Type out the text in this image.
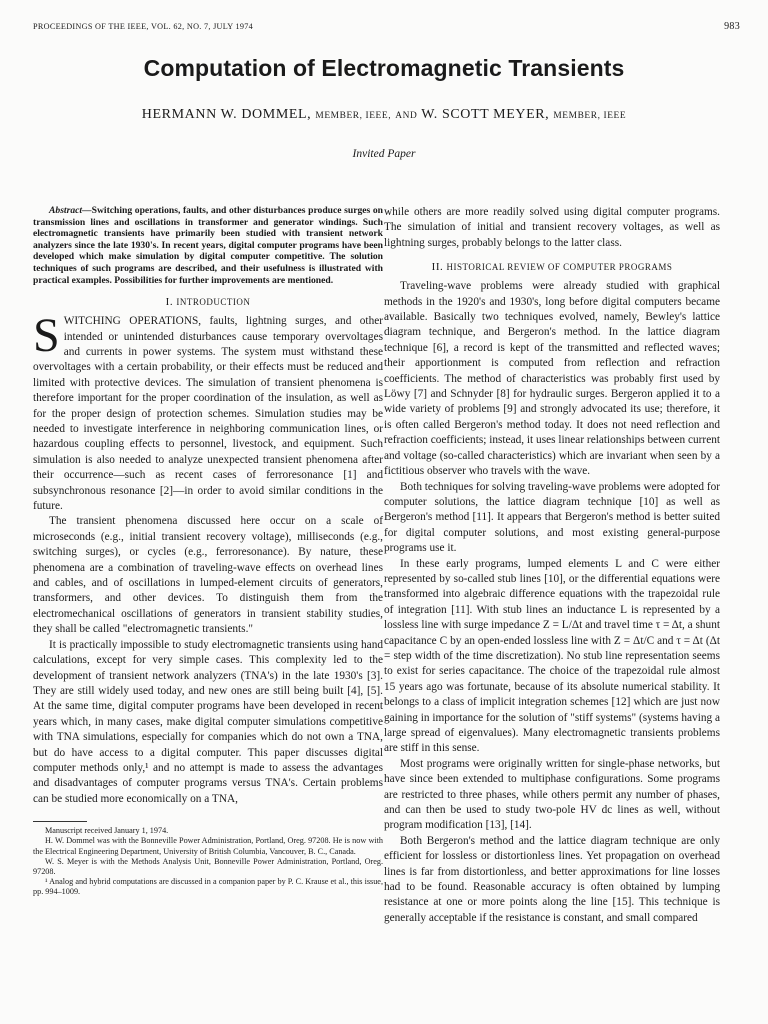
PROCEEDINGS OF THE IEEE, VOL. 62, NO. 7, JULY 1974	983
Computation of Electromagnetic Transients
HERMANN W. DOMMEL, MEMBER, IEEE, AND W. SCOTT MEYER, MEMBER, IEEE
Invited Paper

Abstract—Switching operations, faults, and other disturbances produce surges on transmission lines and oscillations in transformer and generator windings. Such electromagnetic transients have primarily been studied with transient network analyzers since the late 1930's. In recent years, digital computer programs have been developed which make simulation by digital computer competitive. The solution techniques of such programs are described, and their usefulness is illustrated with practical examples. Possibilities for further improvements are mentioned.

I. INTRODUCTION

SWITCHING OPERATIONS, faults, lightning surges, and other intended or unintended disturbances cause temporary overvoltages and currents in power systems. The system must withstand these overvoltages with a certain probability, or their effects must be reduced and limited with protective devices. The simulation of transient phenomena is therefore important for the proper coordination of the insulation, as well as for the proper design of protection schemes. Simulation studies may be needed to investigate interference in neighboring communication lines, or hazardous coupling effects to personnel, livestock, and equipment. Such simulation is also needed to analyze unexpected transient phenomena after their occurrence—such as recent cases of ferroresonance [1] and subsynchronous resonance [2]—in order to avoid similar conditions in the future.

The transient phenomena discussed here occur on a scale of microseconds (e.g., initial transient recovery voltage), milliseconds (e.g., switching surges), or cycles (e.g., ferroresonance). By nature, these phenomena are a combination of traveling-wave effects on overhead lines and cables, and of oscillations in lumped-element circuits of generators, transformers, and other devices. To distinguish them from the electromechanical oscillations of generators in transient stability studies, they shall be called "electromagnetic transients."

It is practically impossible to study electromagnetic transients using hand calculations, except for very simple cases. This complexity led to the development of transient network analyzers (TNA's) in the late 1930's [3]. They are still widely used today, and new ones are still being built [4], [5]. At the same time, digital computer programs have been developed in recent years which, in many cases, make digital computer simulations competitive with TNA simulations, especially for companies which do not own a TNA, but do have access to a digital computer. This paper discusses digital computer methods only,¹ and no attempt is made to assess the advantages and disadvantages of computer programs versus TNA's. Certain problems can be studied more economically on a TNA,

Manuscript received January 1, 1974.

H. W. Dommel was with the Bonneville Power Administration, Portland, Oreg. 97208. He is now with the Electrical Engineering Department, University of British Columbia, Vancouver, B. C., Canada.

W. S. Meyer is with the Methods Analysis Unit, Bonneville Power Administration, Portland, Oreg. 97208.

¹ Analog and hybrid computations are discussed in a companion paper by P. C. Krause et al., this issue, pp. 994–1009.

while others are more readily solved using digital computer programs. The simulation of initial and transient recovery voltages, as well as lightning surges, probably belongs to the latter class.

II. HISTORICAL REVIEW OF COMPUTER PROGRAMS

Traveling-wave problems were already studied with graphical methods in the 1920's and 1930's, long before digital computers became available. Basically two techniques evolved, namely, Bewley's lattice diagram technique, and Bergeron's method. In the lattice diagram technique [6], a record is kept of the transmitted and reflected waves; their apportionment is computed from reflection and refraction coefficients. The method of characteristics was probably first used by Löwy [7] and Schnyder [8] for hydraulic surges. Bergeron applied it to a wide variety of problems [9] and strongly advocated its use; therefore, it is often called Bergeron's method today. It does not need reflection and refraction coefficients; instead, it uses linear relationships between current and voltage (so-called characteristics) which are invariant when seen by a fictitious observer who travels with the wave.

Both techniques for solving traveling-wave problems were adopted for computer solutions, the lattice diagram technique [10] as well as Bergeron's method [11]. It appears that Bergeron's method is better suited for digital computer solutions, and most existing general-purpose programs use it.

In these early programs, lumped elements L and C were either represented by so-called stub lines [10], or the differential equations were transformed into algebraic difference equations with the trapezoidal rule of integration [11]. With stub lines an inductance L is represented by a lossless line with surge impedance Z = L/Δt and travel time τ = Δt, a shunt capacitance C by an open-ended lossless line with Z = Δt/C and τ = Δt (Δt = step width of the time discretization). No stub line representation seems to exist for series capacitance. The choice of the trapezoidal rule almost 15 years ago was fortunate, because of its absolute numerical stability. It belongs to a class of implicit integration schemes [12] which are just now gaining in importance for the solution of "stiff systems" (systems having a large spread of eigenvalues). Many electromagnetic transients problems are stiff in this sense.

Most programs were originally written for single-phase networks, but have since been extended to multiphase configurations. Some programs are restricted to three phases, while others permit any number of phases, and can then be used to study two-pole HV dc lines as well, without program modification [13], [14].

Both Bergeron's method and the lattice diagram technique are only efficient for lossless or distortionless lines. Yet propagation on overhead lines is far from distortionless, and better approximations for line losses had to be found. Reasonable accuracy is often obtained by lumping resistance at one or more points along the line [15]. This technique is generally acceptable if the resistance is constant, and small compared
